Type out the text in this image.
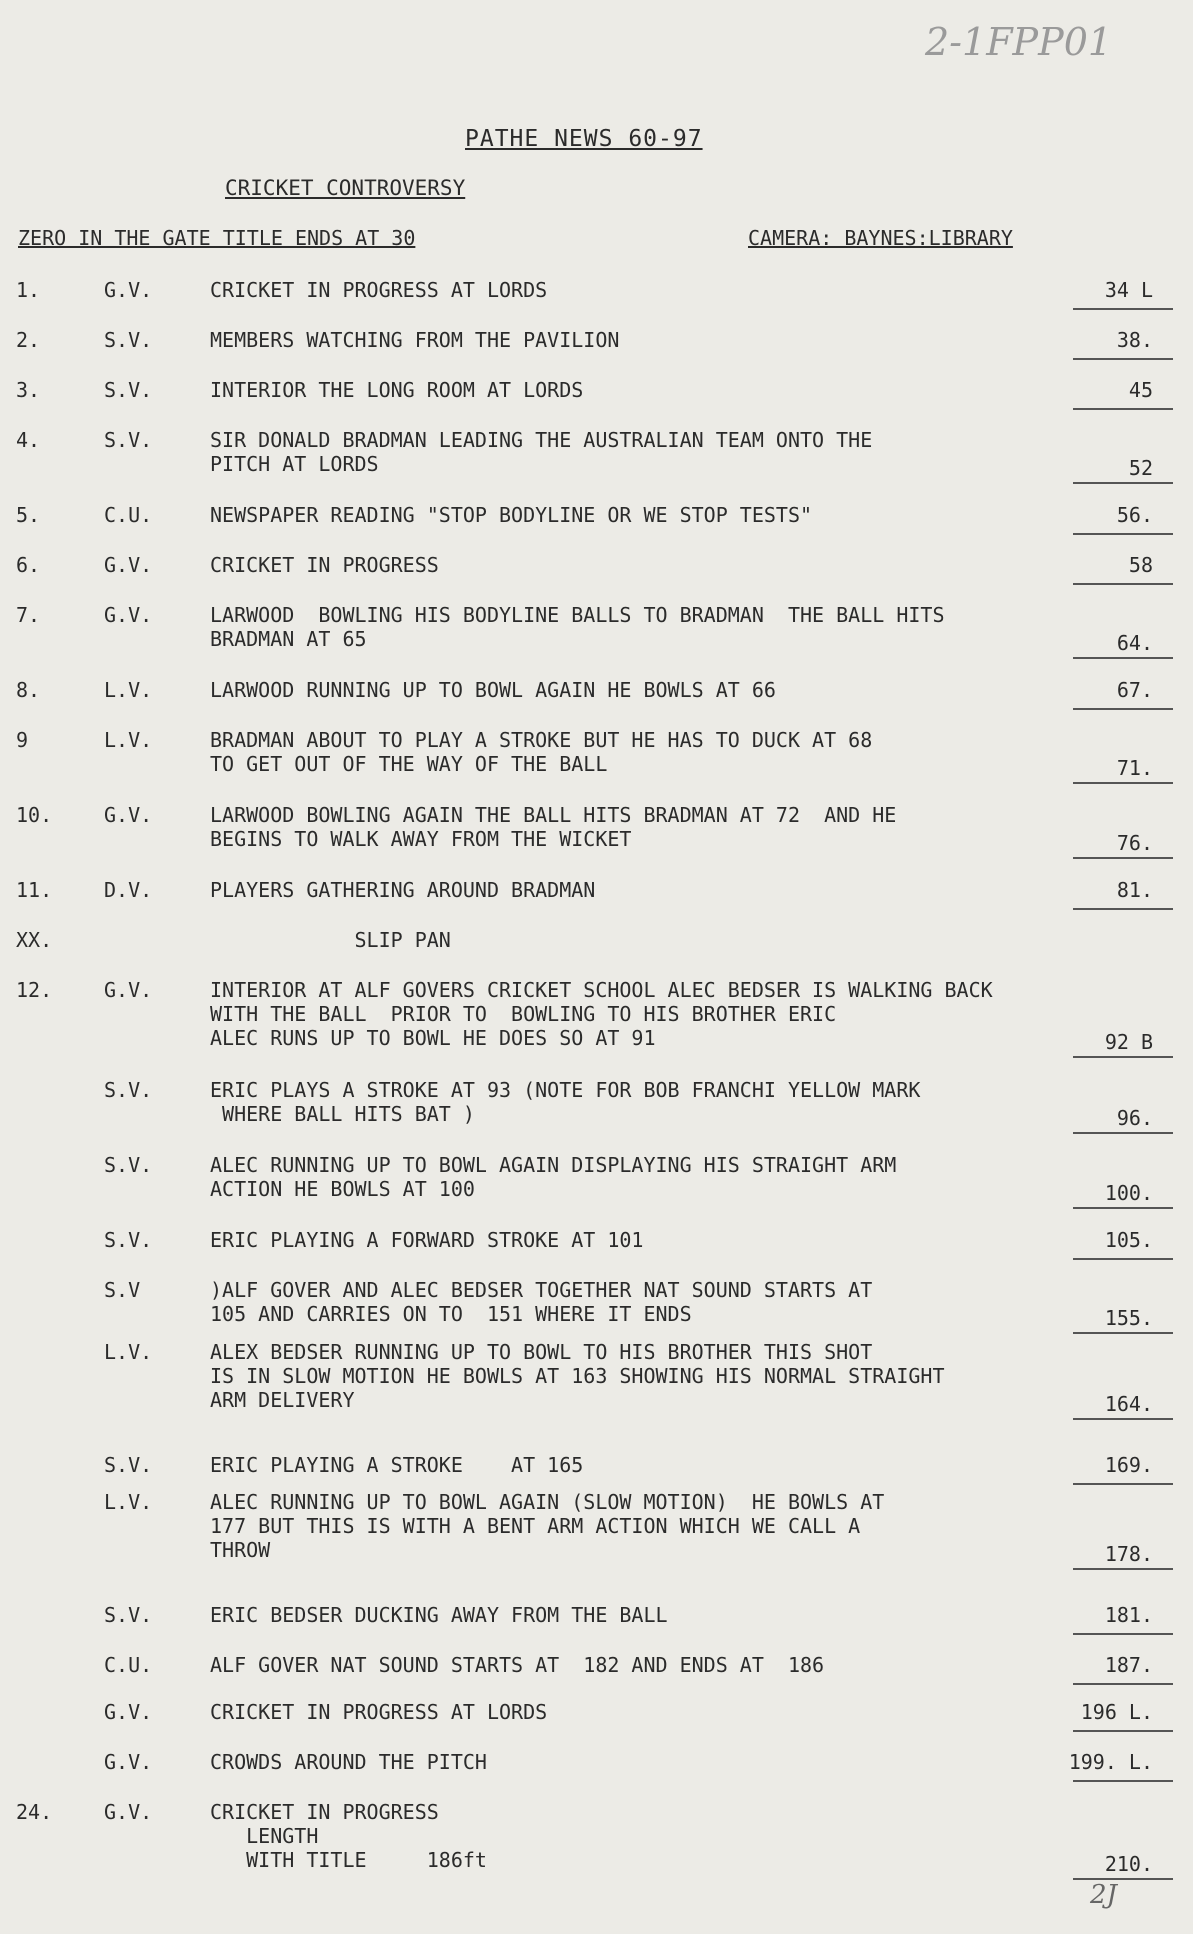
2-1FPP01
PATHE NEWS 60-97
CRICKET CONTROVERSY
ZERO IN THE GATE TITLE ENDS AT 30	CAMERA: BAYNES:LIBRARY
1.	G.V.	CRICKET IN PROGRESS AT LORDS	34 L
2.	S.V.	MEMBERS WATCHING FROM THE PAVILION	38.
3.	S.V.	INTERIOR THE LONG ROOM AT LORDS	45
4.	S.V.	SIR DONALD BRADMAN LEADING THE AUSTRALIAN TEAM ONTO THE
PITCH AT LORDS	52
5.	C.U.	NEWSPAPER READING "STOP BODYLINE OR WE STOP TESTS"	56.
6.	G.V.	CRICKET IN PROGRESS	58
7.	G.V.	LARWOOD  BOWLING HIS BODYLINE BALLS TO BRADMAN  THE BALL HITS
BRADMAN AT 65	64.
8.	L.V.	LARWOOD RUNNING UP TO BOWL AGAIN HE BOWLS AT 66	67.
9	L.V.	BRADMAN ABOUT TO PLAY A STROKE BUT HE HAS TO DUCK AT 68
TO GET OUT OF THE WAY OF THE BALL	71.
10.	G.V.	LARWOOD BOWLING AGAIN THE BALL HITS BRADMAN AT 72  AND HE
BEGINS TO WALK AWAY FROM THE WICKET	76.
11.	D.V.	PLAYERS GATHERING AROUND BRADMAN	81.
XX.	SLIP PAN
12.	G.V.	INTERIOR AT ALF GOVERS CRICKET SCHOOL ALEC BEDSER IS WALKING BACK
WITH THE BALL  PRIOR TO  BOWLING TO HIS BROTHER ERIC
ALEC RUNS UP TO BOWL HE DOES SO AT 91	92 B
S.V.	ERIC PLAYS A STROKE AT 93 (NOTE FOR BOB FRANCHI YELLOW MARK
WHERE BALL HITS BAT )	96.
S.V.	ALEC RUNNING UP TO BOWL AGAIN DISPLAYING HIS STRAIGHT ARM
ACTION HE BOWLS AT 100	100.
S.V.	ERIC PLAYING A FORWARD STROKE AT 101	105.
S.V	)ALF GOVER AND ALEC BEDSER TOGETHER NAT SOUND STARTS AT
105 AND CARRIES ON TO  151 WHERE IT ENDS	155.
L.V.	ALEX BEDSER RUNNING UP TO BOWL TO HIS BROTHER THIS SHOT
IS IN SLOW MOTION HE BOWLS AT 163 SHOWING HIS NORMAL STRAIGHT
ARM DELIVERY	164.
S.V.	ERIC PLAYING A STROKE    AT 165	169.
L.V.	ALEC RUNNING UP TO BOWL AGAIN (SLOW MOTION)  HE BOWLS AT
177 BUT THIS IS WITH A BENT ARM ACTION WHICH WE CALL A
THROW	178.
S.V.	ERIC BEDSER DUCKING AWAY FROM THE BALL	181.
C.U.	ALF GOVER NAT SOUND STARTS AT  182 AND ENDS AT  186	187.
G.V.	CRICKET IN PROGRESS AT LORDS	196 L.
G.V.	CROWDS AROUND THE PITCH	199. L.
24.	G.V.	CRICKET IN PROGRESS
LENGTH
WITH TITLE     186ft	210.
2J
